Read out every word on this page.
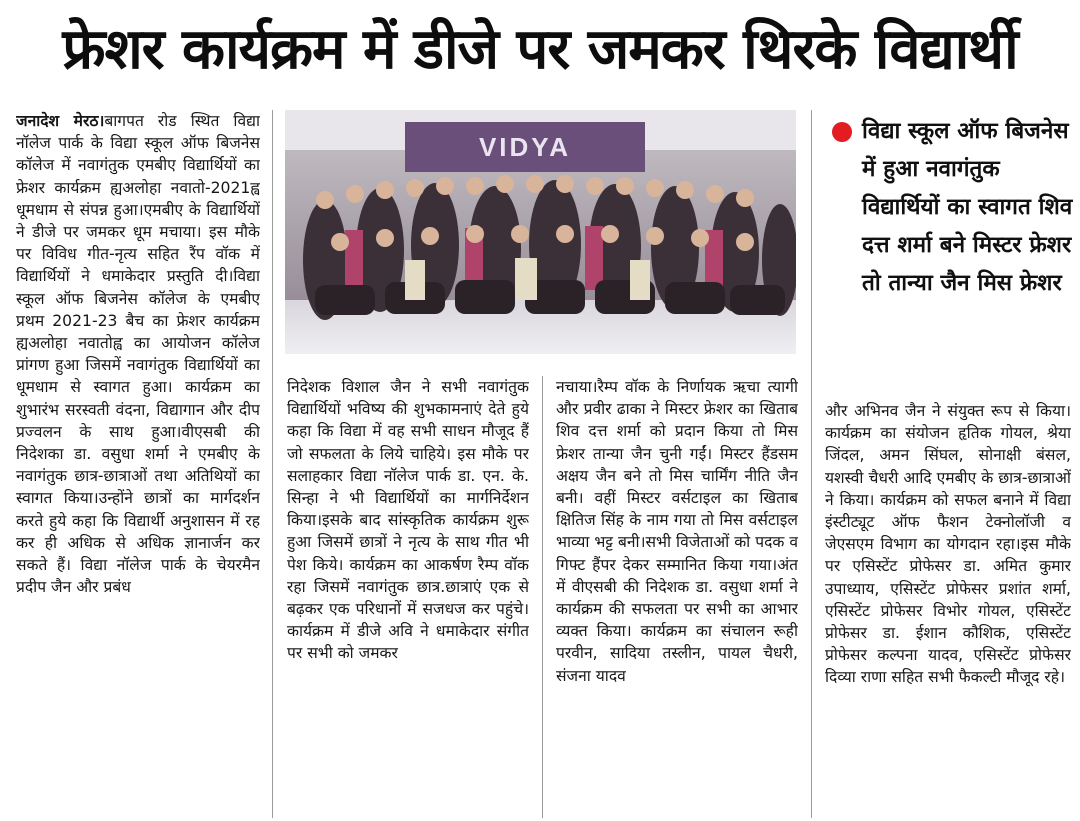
फ्रेशर कार्यक्रम में डीजे पर जमकर थिरके विद्यार्थी

जनादेश मेरठ।बागपत रोड स्थित विद्या नॉलेज पार्क के विद्या स्कूल ऑफ बिजनेस कॉलेज में नवागंतुक एमबीए विद्यार्थियों का फ्रेशर कार्यक्रम ह्यअलोहा नवातो-2021ह्व धूमधाम से संपन्न हुआ।एमबीए के विद्यार्थियों ने डीजे पर जमकर धूम मचाया। इस मौके पर विविध गीत-नृत्य सहित रैंप वॉक में विद्यार्थियों ने धमाकेदार प्रस्तुति दी।विद्या स्कूल ऑफ बिजनेस कॉलेज के एमबीए प्रथम 2021-23 बैच का फ्रेशर कार्यक्रम ह्यअलोहा नवातोह्व का आयोजन कॉलेज प्रांगण हुआ जिसमें नवागंतुक विद्यार्थियों का धूमधाम से स्वागत हुआ। कार्यक्रम का शुभारंभ सरस्वती वंदना, विद्यागान और दीप प्रज्वलन के साथ हुआ।वीएसबी की निदेशका डा. वसुधा शर्मा ने एमबीए के नवागंतुक छात्र-छात्राओं तथा अतिथियों का स्वागत किया।उन्होंने छात्रों का मार्गदर्शन करते हुये कहा कि विद्यार्थी अनुशासन में रह कर ही अधिक से अधिक ज्ञानार्जन कर सकते हैं। विद्या नॉलेज पार्क के चेयरमैन प्रदीप जैन और प्रबंध

VIDYA
विद्या स्कूल ऑफ बिजनेस में हुआ नवागंतुक विद्यार्थियों का स्वागत शिव दत्त शर्मा बने मिस्टर फ्रेशर तो तान्या जैन मिस फ्रेशर

निदेशक विशाल जैन ने सभी नवागंतुक विद्यार्थियों भविष्य की शुभकामनाएं देते हुये कहा कि विद्या में वह सभी साधन मौजूद हैं जो सफलता के लिये चाहिये। इस मौके पर सलाहकार विद्या नॉलेज पार्क डा. एन. के. सिन्हा ने भी विद्यार्थियों का मार्गनिर्देशन किया।इसके बाद सांस्कृतिक कार्यक्रम शुरू हुआ जिसमें छात्रों ने नृत्य के साथ गीत भी पेश किये। कार्यक्रम का आकर्षण रैम्प वॉक रहा जिसमें नवागंतुक छात्र.छात्राएं एक से बढ़कर एक परिधानों में सजधज कर पहुंचे। कार्यक्रम में डीजे अवि ने धमाकेदार संगीत पर सभी को जमकर

नचाया।रैम्प वॉक के निर्णायक ऋचा त्यागी और प्रवीर ढाका ने मिस्टर फ्रेशर का खिताब शिव दत्त शर्मा को प्रदान किया तो मिस फ्रेशर तान्या जैन चुनी गईं। मिस्टर हैंडसम अक्षय जैन बने तो मिस चार्मिंग नीति जैन बनी। वहीं मिस्टर वर्सटाइल का खिताब क्षितिज सिंह के नाम गया तो मिस वर्सटाइल भाव्या भट्ट बनी।सभी विजेताओं को पदक व गिफ्ट हैंपर देकर सम्मानित किया गया।अंत में वीएसबी की निदेशक डा. वसुधा शर्मा ने कार्यक्रम की सफलता पर सभी का आभार व्यक्त किया। कार्यक्रम का संचालन रूही परवीन, सादिया तस्लीन, पायल चैधरी, संजना यादव

और अभिनव जैन ने संयुक्त रूप से किया। कार्यक्रम का संयोजन हृतिक गोयल, श्रेया जिंदल, अमन सिंघल, सोनाक्षी बंसल, यशस्वी चैधरी आदि एमबीए के छात्र-छात्राओं ने किया। कार्यक्रम को सफल बनाने में विद्या इंस्टीट्यूट ऑफ फैशन टेक्नोलॉजी व जेएसएम विभाग का योगदान रहा।इस मौके पर एसिस्टेंट प्रोफेसर डा. अमित कुमार उपाध्याय, एसिस्टेंट प्रोफेसर प्रशांत शर्मा, एसिस्टेंट प्रोफेसर विभोर गोयल, एसिस्टेंट प्रोफेसर डा. ईशान कौशिक, एसिस्टेंट प्रोफेसर कल्पना यादव, एसिस्टेंट प्रोफेसर दिव्या राणा सहित सभी फैकल्टी मौजूद रहे।
